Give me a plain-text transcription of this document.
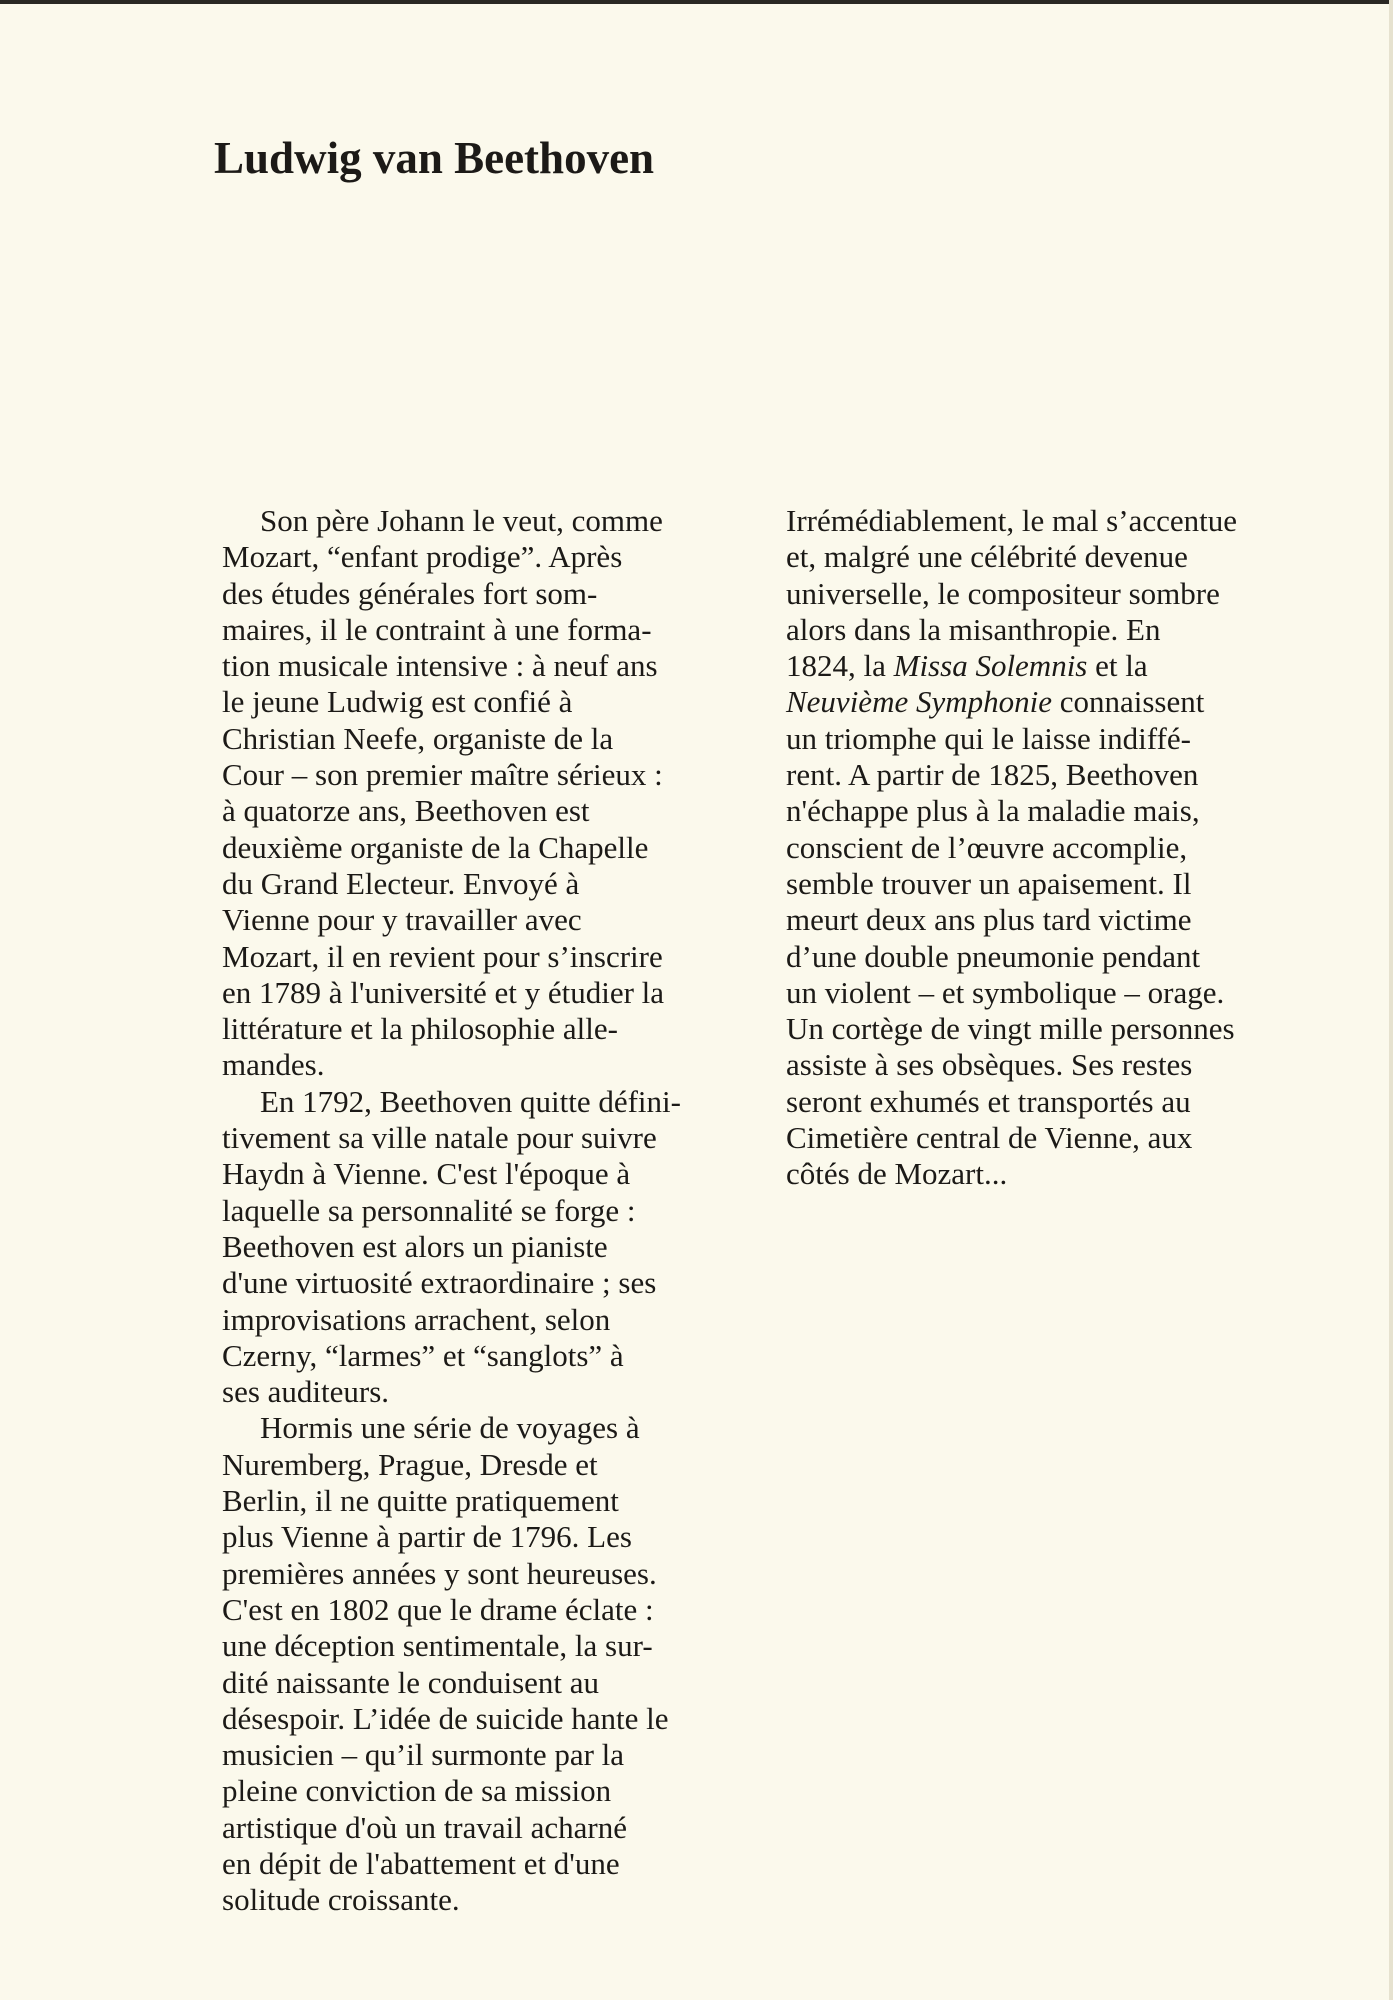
Ludwig van Beethoven
Son père Johann le veut, comme
Mozart, “enfant prodige”. Après
des études générales fort som-
maires, il le contraint à une forma-
tion musicale intensive : à neuf ans
le jeune Ludwig est confié à
Christian Neefe, organiste de la
Cour – son premier maître sérieux :
à quatorze ans, Beethoven est
deuxième organiste de la Chapelle
du Grand Electeur. Envoyé à
Vienne pour y travailler avec
Mozart, il en revient pour s’inscrire
en 1789 à l'université et y étudier la
littérature et la philosophie alle-
mandes.
En 1792, Beethoven quitte défini-
tivement sa ville natale pour suivre
Haydn à Vienne. C'est l'époque à
laquelle sa personnalité se forge :
Beethoven est alors un pianiste
d'une virtuosité extraordinaire ; ses
improvisations arrachent, selon
Czerny, “larmes” et “sanglots” à
ses auditeurs.
Hormis une série de voyages à
Nuremberg, Prague, Dresde et
Berlin, il ne quitte pratiquement
plus Vienne à partir de 1796. Les
premières années y sont heureuses.
C'est en 1802 que le drame éclate :
une déception sentimentale, la sur-
dité naissante le conduisent au
désespoir. L’idée de suicide hante le
musicien – qu’il surmonte par la
pleine conviction de sa mission
artistique d'où un travail acharné
en dépit de l'abattement et d'une
solitude croissante.
Irrémédiablement, le mal s’accentue
et, malgré une célébrité devenue
universelle, le compositeur sombre
alors dans la misanthropie. En
1824, la Missa Solemnis et la
Neuvième Symphonie connaissent
un triomphe qui le laisse indiffé-
rent. A partir de 1825, Beethoven
n'échappe plus à la maladie mais,
conscient de l’œuvre accomplie,
semble trouver un apaisement. Il
meurt deux ans plus tard victime
d’une double pneumonie pendant
un violent – et symbolique – orage.
Un cortège de vingt mille personnes
assiste à ses obsèques. Ses restes
seront exhumés et transportés au
Cimetière central de Vienne, aux
côtés de Mozart...
